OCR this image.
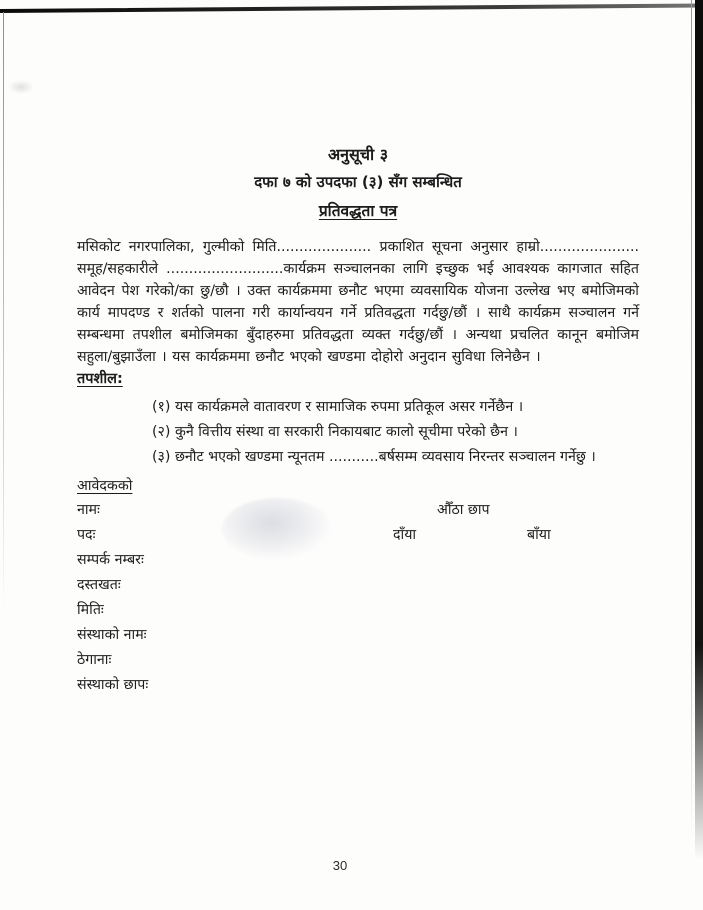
अनुसूची ३
दफा ७ को उपदफा (३) सँग सम्बन्धित
प्रतिवद्धता पत्र

मसिकोट नगरपालिका, गुल्मीको मिति..................... प्रकाशित सूचना अनुसार हाम्रो...................... समूह/सहकारीले ..........................कार्यक्रम सञ्चालनका लागि इच्छुक भई आवश्यक कागजात सहित आवेदन पेश गरेको/का छु/छौ । उक्त कार्यक्रममा छनौट भएमा व्यवसायिक योजना उल्लेख भए बमोजिमको कार्य मापदण्ड र शर्तको पालना गरी कार्यान्वयन गर्ने प्रतिवद्धता गर्दछु/छौं । साथै कार्यक्रम सञ्चालन गर्ने सम्बन्धमा तपशील बमोजिमका बुँदाहरुमा प्रतिवद्धता व्यक्त गर्दछु/छौं । अन्यथा प्रचलित कानून बमोजिम सहुला/बुझाउँला । यस कार्यक्रममा छनौट भएको खण्डमा दोहोरो अनुदान सुविधा लिनेछैन ।

तपशील:
(१) यस कार्यक्रमले वातावरण र सामाजिक रुपमा प्रतिकूल असर गर्नेछैन ।
(२) कुनै वित्तीय संस्था वा सरकारी निकायबाट कालो सूचीमा परेको छैन ।
(३) छनौट भएको खण्डमा न्यूनतम ...........बर्षसम्म व्यवसाय निरन्तर सञ्चालन गर्नेछु ।
आवेदकको
नामः	औँठा छाप
पदः	दाँया	बाँया
सम्पर्क नम्बरः
दस्तखतः
मितिः
संस्थाको नामः
ठेगानाः
संस्थाको छापः
30
